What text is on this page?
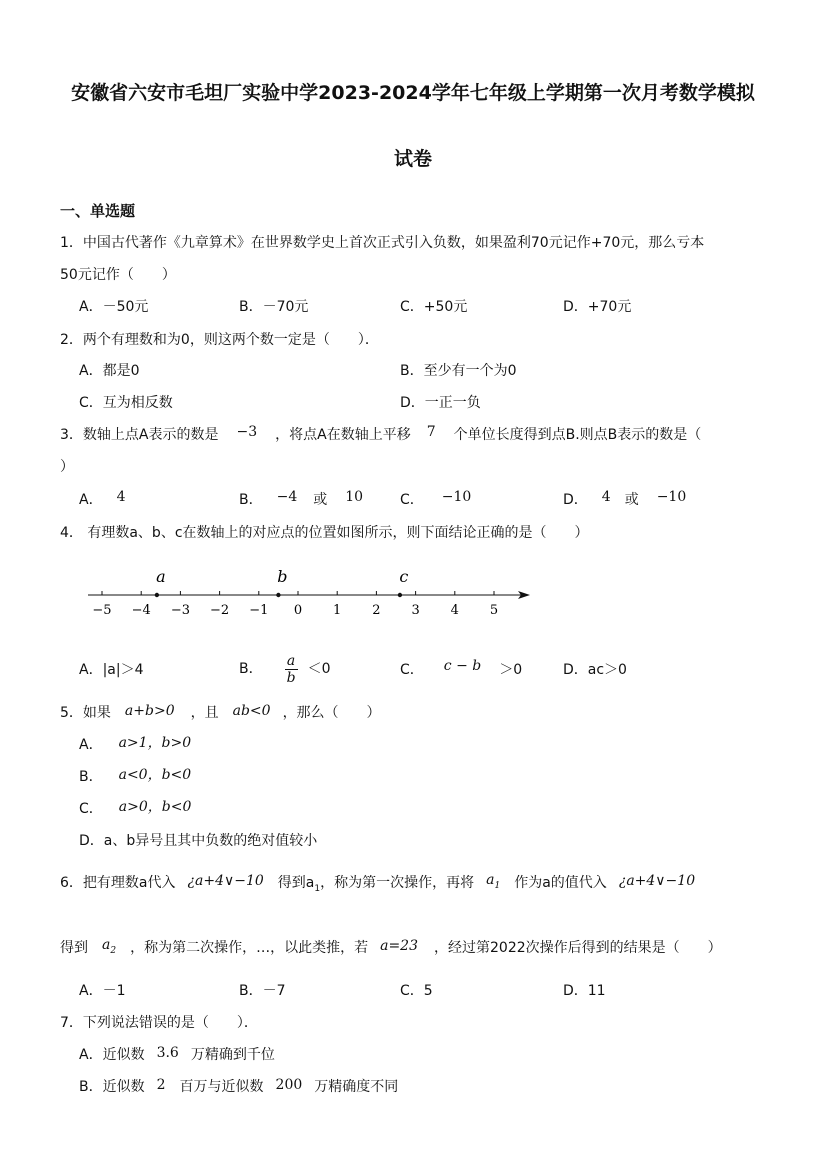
安徽省六安市毛坦厂实验中学2023-2024学年七年级上学期第一次月考数学模拟
试卷
一、单选题
1．中国古代著作《九章算术》在世界数学史上首次正式引入负数，如果盈利70元记作+70元，那么亏本
50元记作（　　）
A．－50元	B．－70元	C．+50元	D．+70元
2．两个有理数和为0，则这两个数一定是（　　）．
A．都是0	B．至少有一个为0
C．互为相反数	D．一正一负
3．数轴上点A表示的数是 −3 ，将点A在数轴上平移 7 个单位长度得到点B.则点B表示的数是（
）
A． 4	B． −4 或 10	C． −10	D． 4 或 −10
4． 有理数a、b、c在数轴上的对应点的位置如图所示，则下面结论正确的是（　　）
−5 −4 −3 −2 −1 0 1 2 3 4 5
a	b	c
A．|a|＞4	B． $\frac{a}{b} <0$	C． c − b ＞0	D．ac＞0
5．如果 a+b>0 ，且 ab<0 ，那么（　　）
A． a>1，b>0
B． a<0，b<0
C． a>0，b<0
D．a、b异号且其中负数的绝对值较小
6．把有理数a代入 ¿a+4∨−10 得到$a_1$，称为第一次操作，再将 $a_1$ 作为a的值代入 ¿a+4∨−10
得到 $a_2$ ，称为第二次操作，…，以此类推，若 a=23 ，经过第2022次操作后得到的结果是（　　）
A．－1	B．－7	C．5	D．11
7．下列说法错误的是（　　）．
A．近似数 3.6 万精确到千位
B．近似数 2 百万与近似数 200 万精确度不同
